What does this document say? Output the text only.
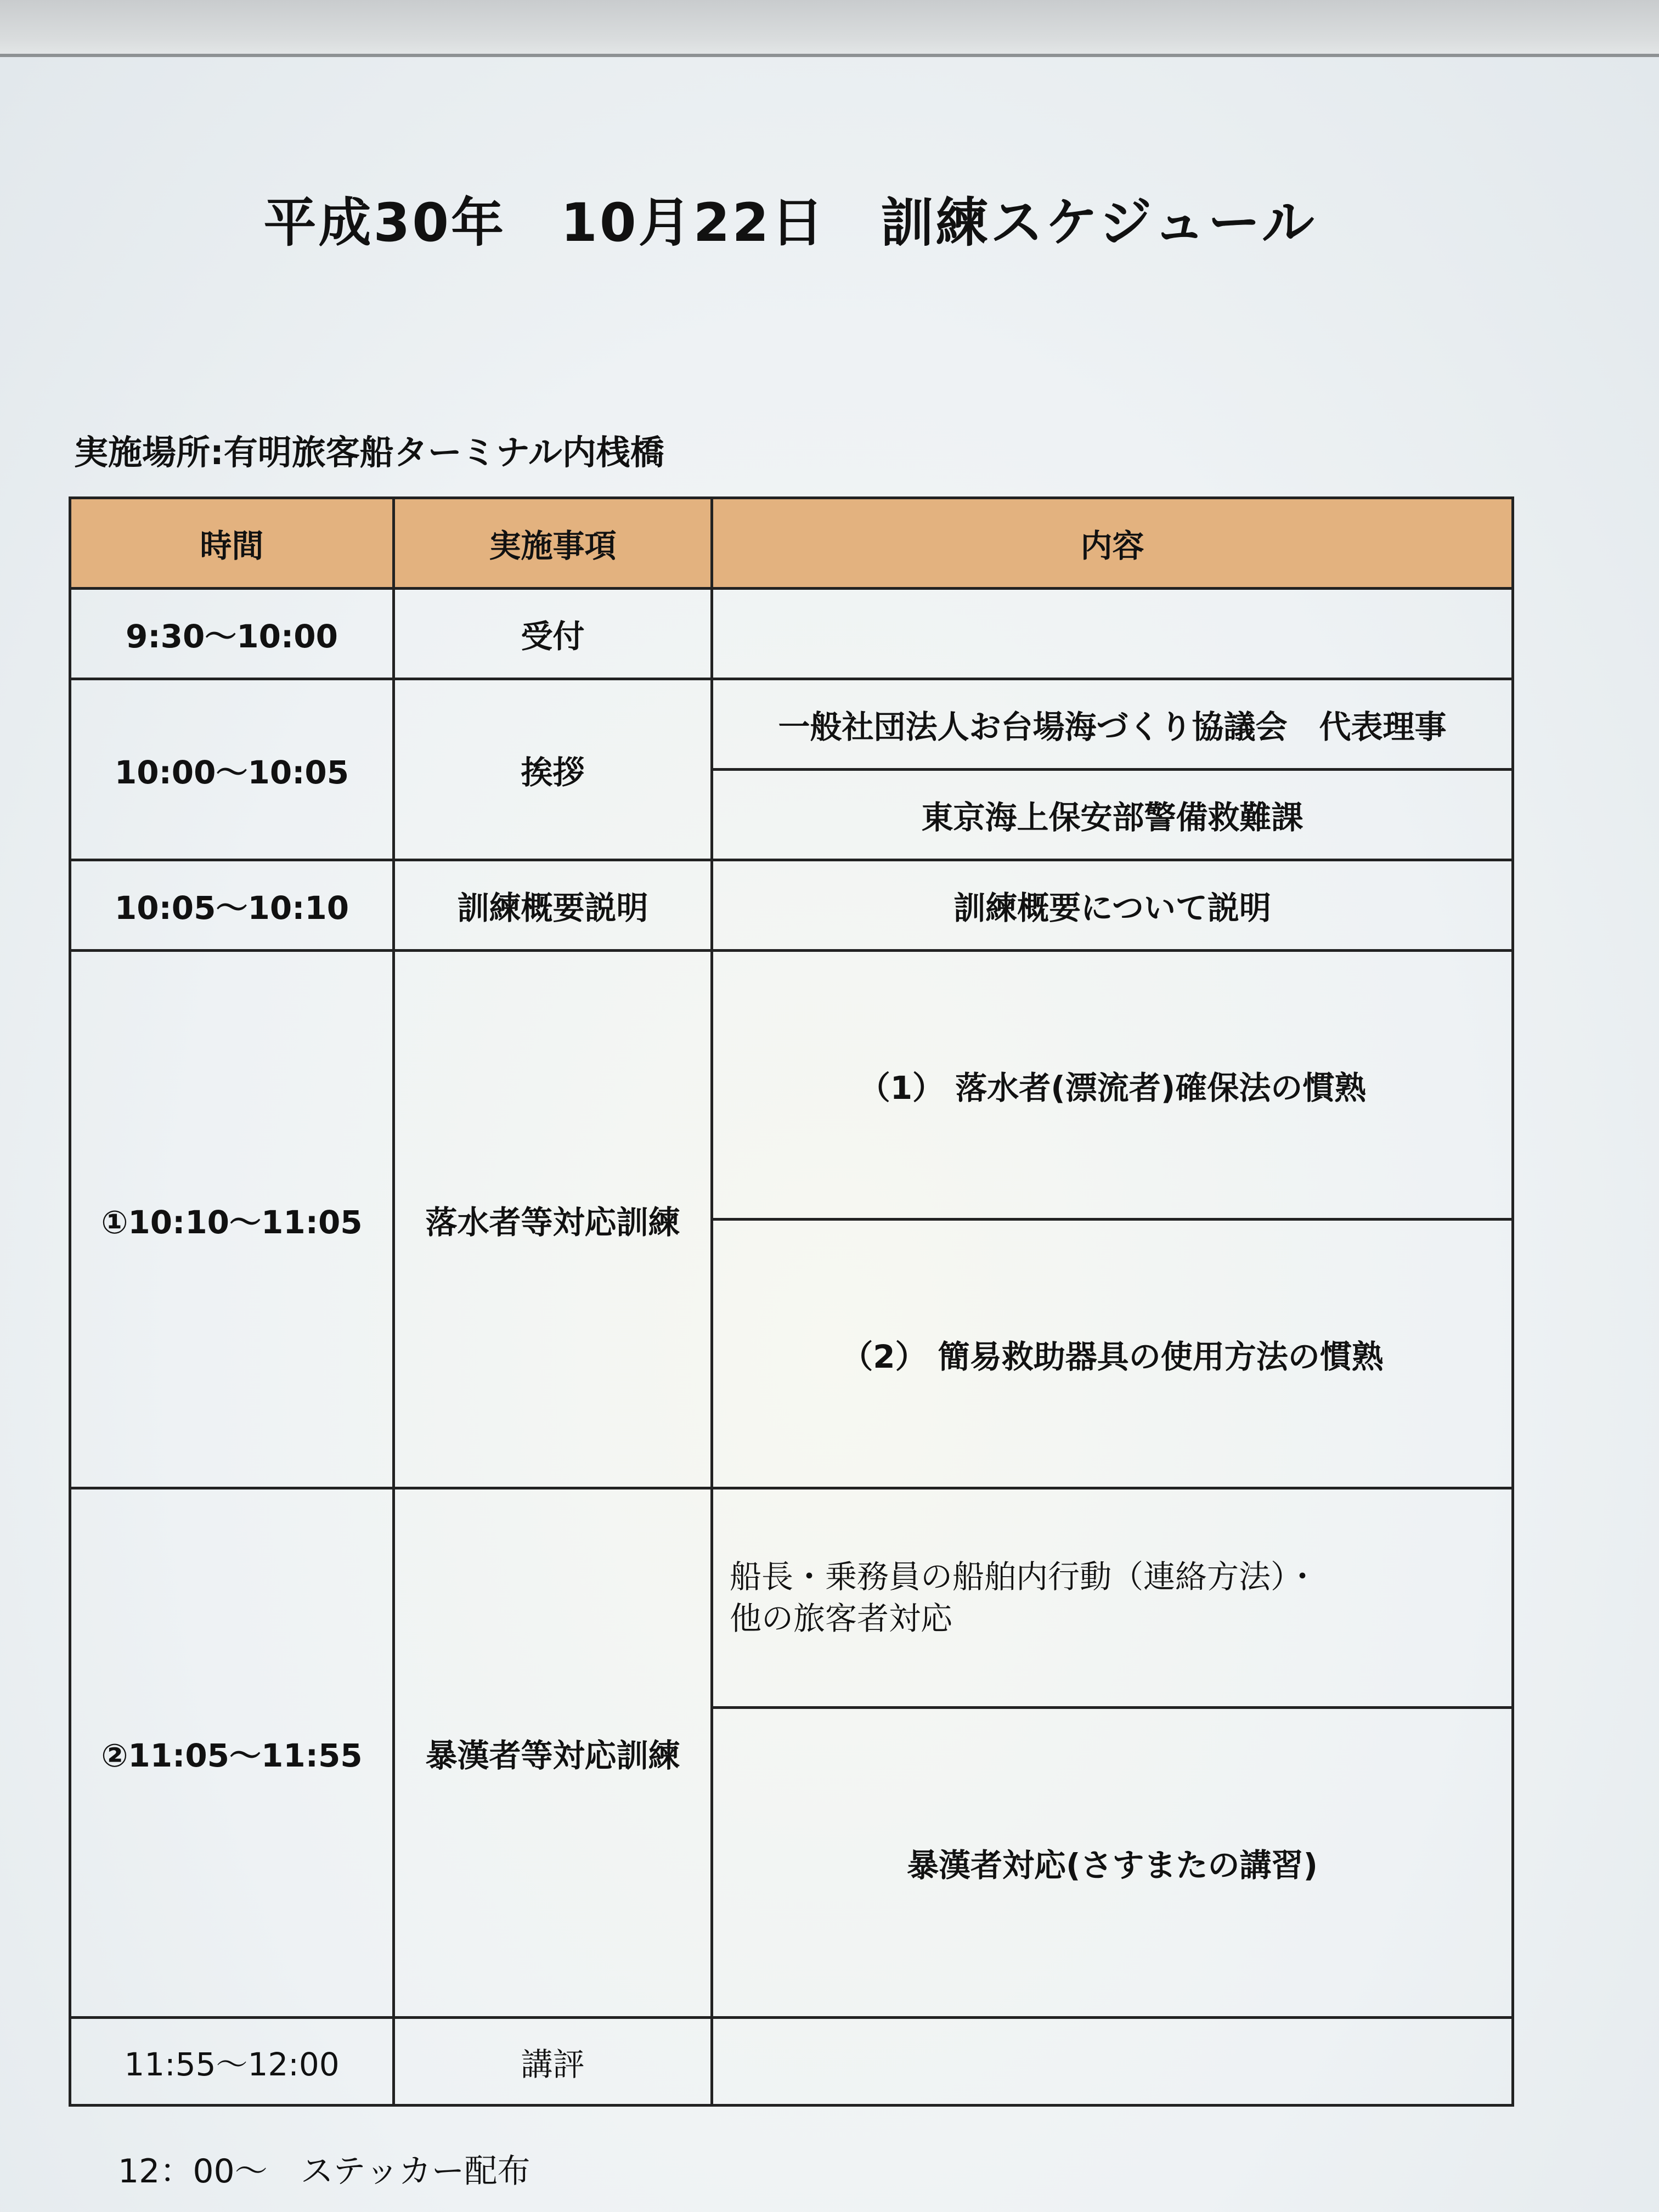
平成30年　10月22日　訓練スケジュール
実施場所:有明旅客船ターミナル内桟橋
時間	実施事項	内容
9:30〜10:00	受付	
10:00〜10:05	挨拶	一般社団法人お台場海づくり協議会　代表理事
		東京海上保安部警備救難課
10:05〜10:10	訓練概要説明	訓練概要について説明
①10:10〜11:05	落水者等対応訓練	（1） 落水者(漂流者)確保法の慣熟
		（2） 簡易救助器具の使用方法の慣熟
②11:05〜11:55	暴漢者等対応訓練	船長・乗務員の船舶内行動（連絡方法）・
他の旅客者対応
		暴漢者対応(さすまたの講習)
11:55〜12:00	講評	
12：00〜　ステッカー配布
